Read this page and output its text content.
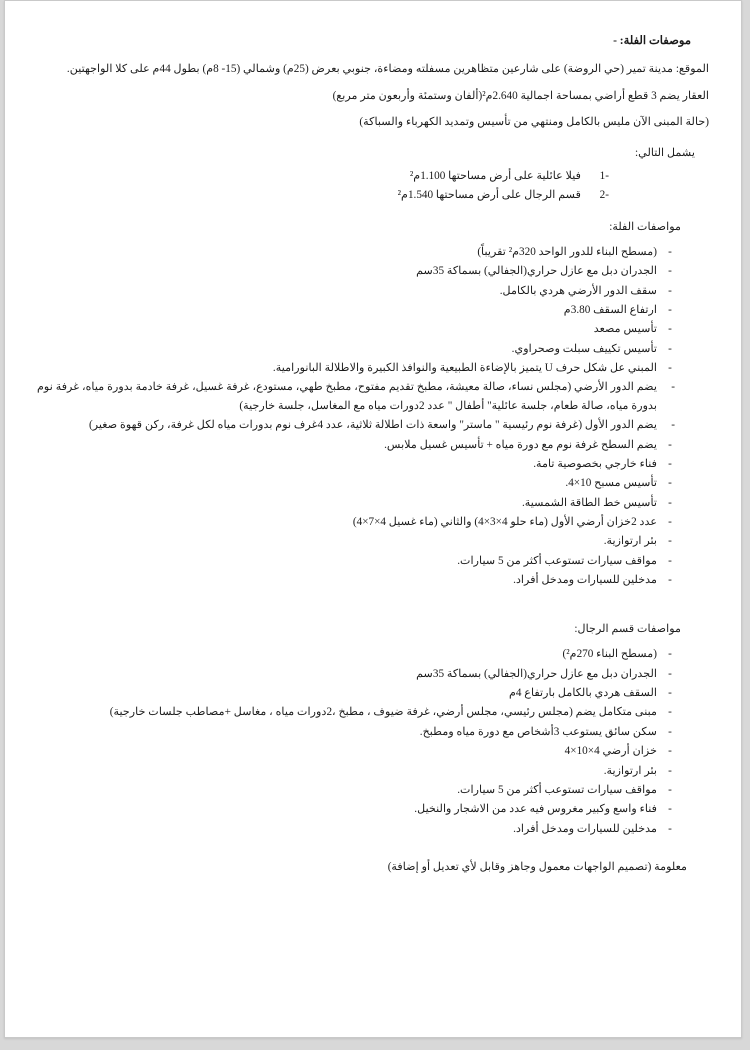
موصفات الفلة: -
الموقع: مدينة تمير (حي الروضة) على شارعين متظاهرين مسفلته ومضاءة، جنوبي بعرض (25م) وشمالي (15- 8م) بطول 44م على كلا الواجهتين.
العقار يضم 3 قطع أراضي بمساحة اجمالية 2.640م²(ألفان وستمئة وأربعون متر مربع)
(حالة المبنى الآن مليس بالكامل ومنتهي من تأسيس وتمديد الكهرباء والسباكة)
يشمل التالي:
1-فيلا عائلية على أرض مساحتها 1.100م²
2-قسم الرجال على أرض مساحتها 1.540م²
مواصفات الفلة:
-
(مسطح البناء للدور الواحد 320م² تقريباً)
-
الجدران دبل مع عازل حراري(الجفالي) بسماكة 35سم
-
سقف الدور الأرضي هردي بالكامل.
-
ارتفاع السقف 3.80م
-
تأسيس مصعد
-
تأسيس تكييف سبلت وصحراوي.
-
المبني عل شكل حرف U يتميز بالإضاءة الطبيعية والنوافذ الكبيرة والاطلالة البانورامية.
-
يضم الدور الأرضي (مجلس نساء، صالة معيشة، مطبخ تقديم مفتوح، مطبخ طهي، مستودع، غرفة غسيل، غرفة خادمة بدورة مياه، غرفة نوم بدورة مياه، صالة طعام، جلسة عائلية" أطفال " عدد 2دورات مياه مع المغاسل، جلسة خارجية)
-
يضم الدور الأول (غرفة نوم رئيسية " ماستر" واسعة ذات اطلالة ثلاثية، عدد 4غرف نوم بدورات مياه لكل غرفة، ركن قهوة صغير)
-
يضم السطح غرفة نوم مع دورة مياه + تأسيس غسيل ملابس.
-
فناء خارجي بخصوصية تامة.
-
تأسيس مسبح 10×4.
-
تأسيس خط الطاقة الشمسية.
-
عدد 2خزان أرضي الأول (ماء حلو 4×3×4) والثاني (ماء غسيل 4×7×4)
-
بئر ارتوازية.
-
مواقف سيارات تستوعب أكثر من 5 سيارات.
-
مدخلين للسيارات ومدخل أفراد.
مواصفات قسم الرجال:
-
(مسطح البناء 270م²)
-
الجدران دبل مع عازل حراري(الجفالي) بسماكة 35سم
-
السقف هردي بالكامل بارتفاع 4م
-
مبنى متكامل يضم (مجلس رئيسي، مجلس أرضي، غرفة ضيوف ، مطبخ ،2دورات مياه ، مغاسل +مصاطب جلسات خارجية)
-
سكن سائق يستوعب 3أشخاص مع دورة مياه ومطبخ.
-
خزان أرضي 4×10×4
-
بئر ارتوازية.
-
مواقف سيارات تستوعب أكثر من 5 سيارات.
-
فناء واسع وكبير مغروس فيه عدد من الاشجار والنخيل.
-
مدخلين للسيارات ومدخل أفراد.
معلومة (تصميم الواجهات معمول وجاهز وقابل لأي تعديل أو إضافة)
